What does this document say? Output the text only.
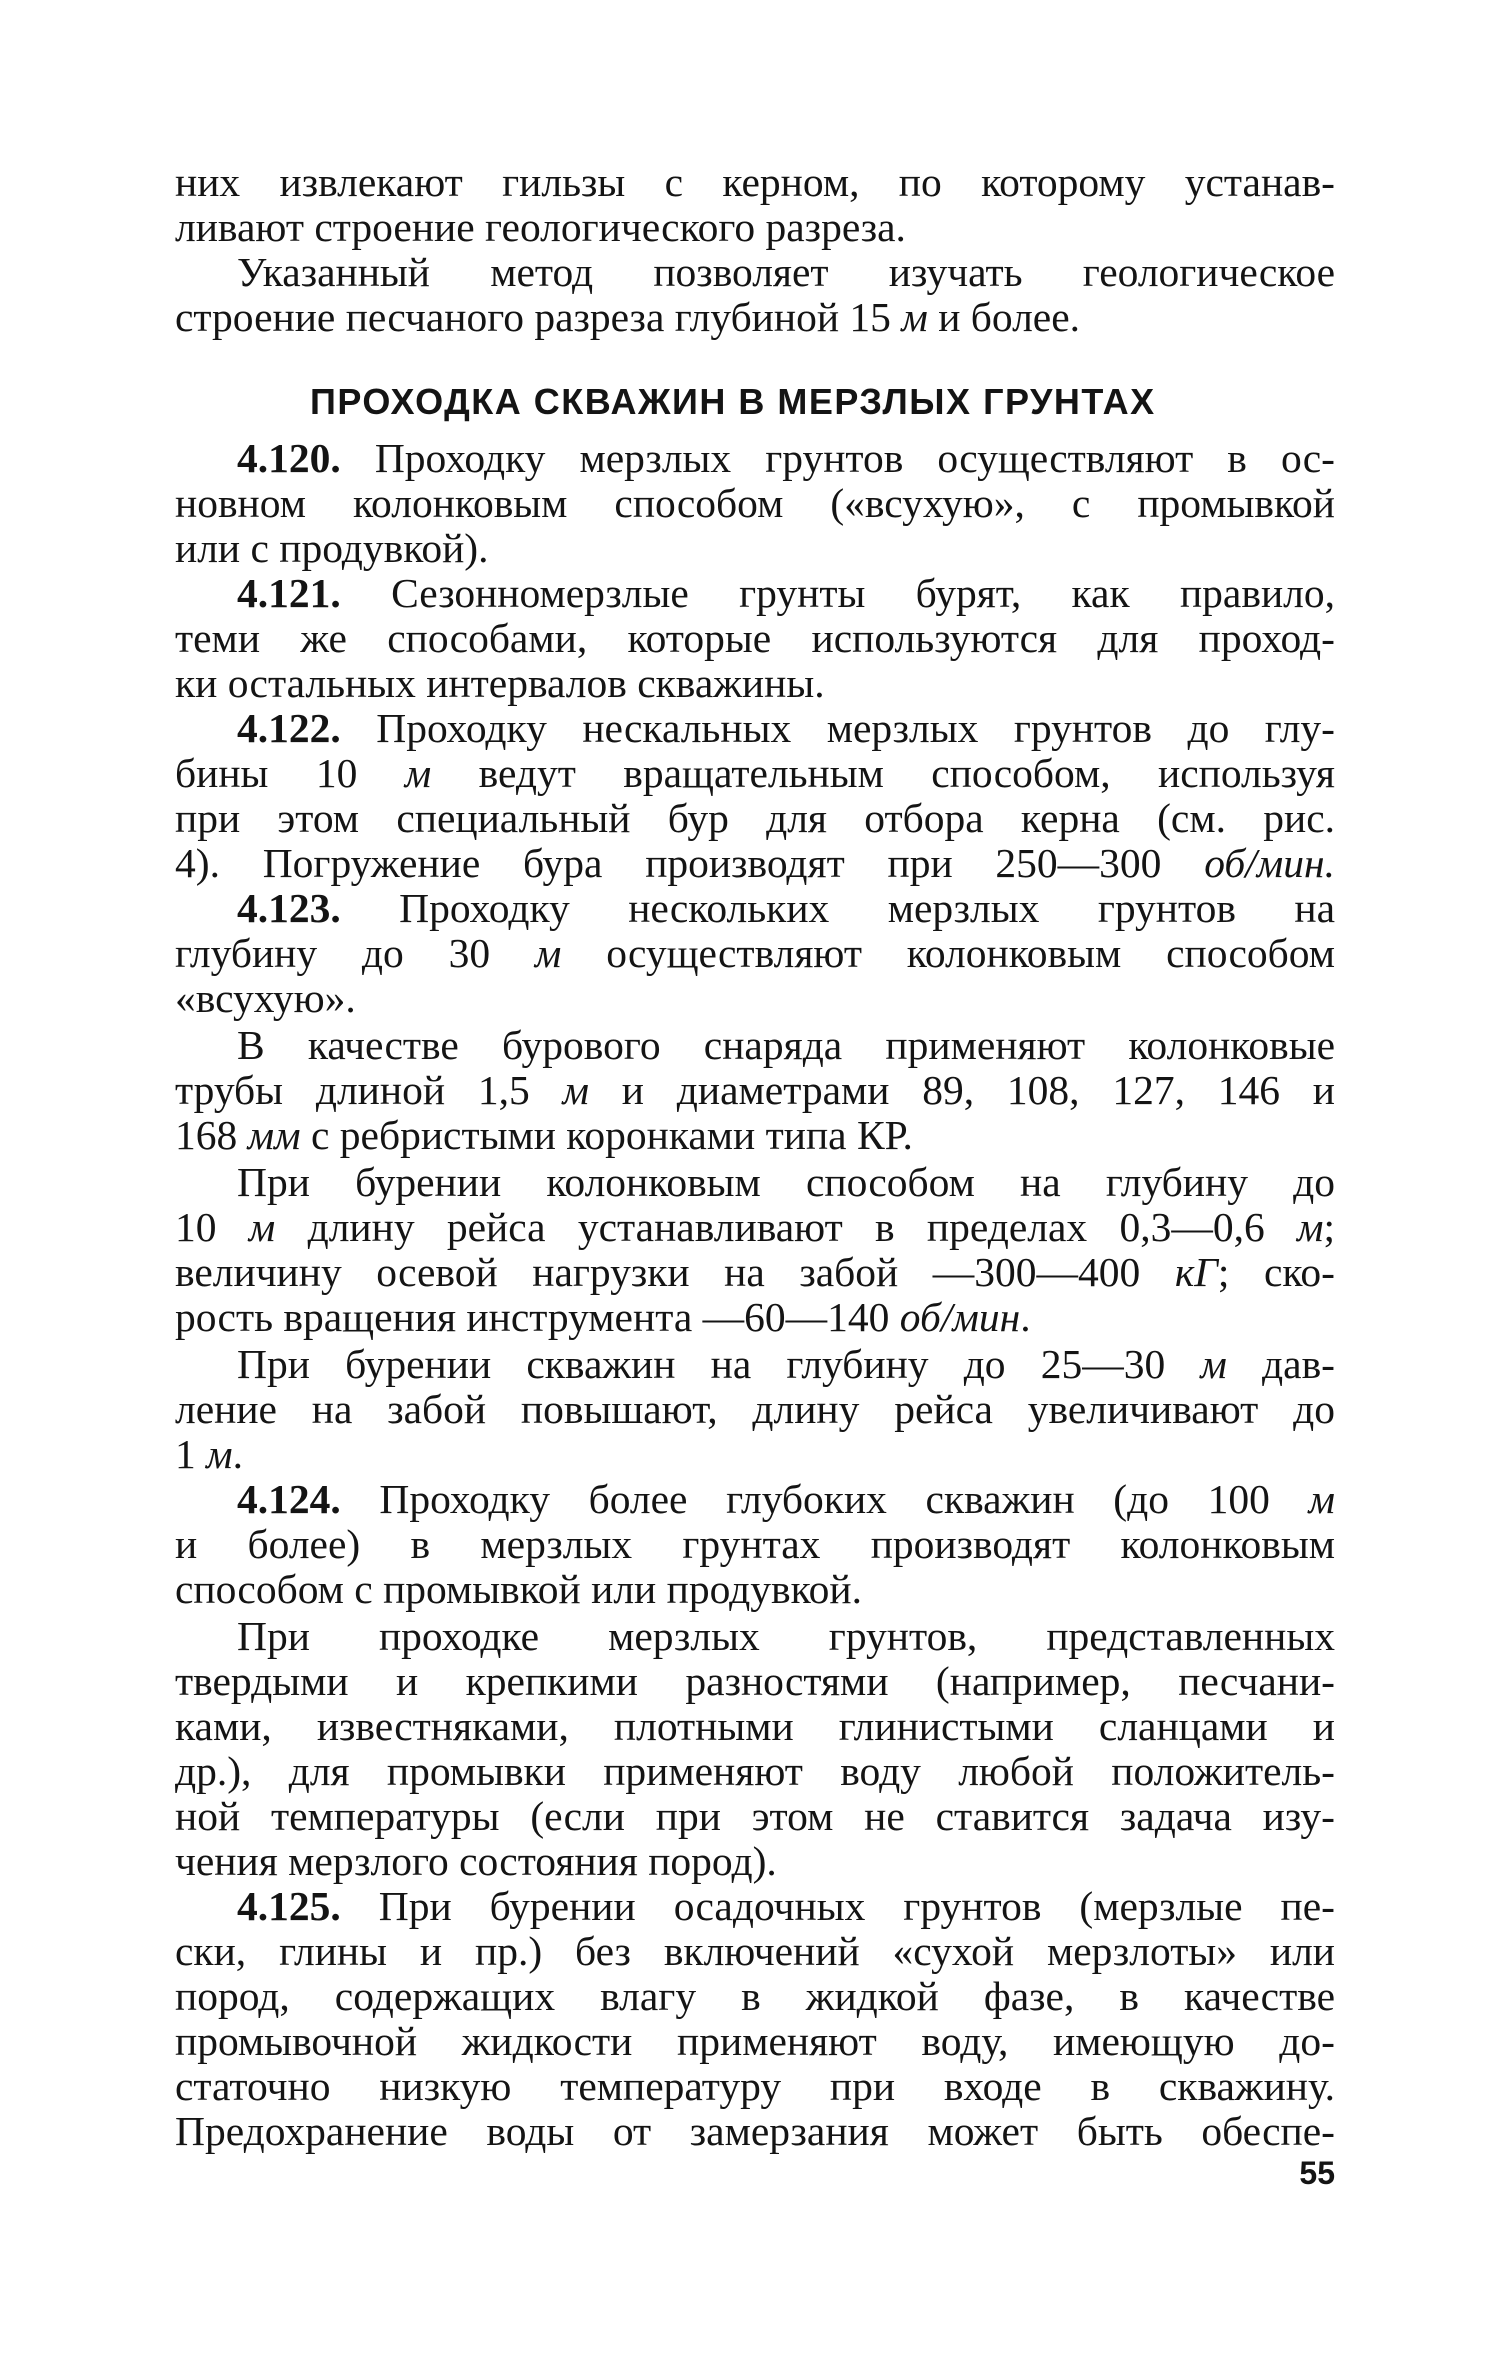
них извлекают гильзы с керном, по которому устанав-
ливают строение геологического разреза.
Указанный метод позволяет изучать геологическое
строение песчаного разреза глубиной 15 м и более.
ПРОХОДКА СКВАЖИН В МЕРЗЛЫХ ГРУНТАХ
4.120. Проходку мерзлых грунтов осуществляют в ос-
новном колонковым способом («всухую», с промывкой
или с продувкой).
4.121. Сезонномерзлые грунты бурят, как правило,
теми же способами, которые используются для проход-
ки остальных интервалов скважины.
4.122. Проходку нескальных мерзлых грунтов до глу-
бины 10 м ведут вращательным способом, используя
при этом специальный бур для отбора керна (см. рис.
4). Погружение бура производят при 250—300 об/мин.
4.123. Проходку нескольких мерзлых грунтов на
глубину до 30 м осуществляют колонковым способом
«всухую».
В качестве бурового снаряда применяют колонковые
трубы длиной 1,5 м и диаметрами 89, 108, 127, 146 и
168 мм с ребристыми коронками типа КР.
При бурении колонковым способом на глубину до
10 м длину рейса устанавливают в пределах 0,3—0,6 м;
величину осевой нагрузки на забой —300—400 кГ; ско-
рость вращения инструмента —60—140 об/мин.
При бурении скважин на глубину до 25—30 м дав-
ление на забой повышают, длину рейса увеличивают до
1 м.
4.124. Проходку более глубоких скважин (до 100 м
и более) в мерзлых грунтах производят колонковым
способом с промывкой или продувкой.
При проходке мерзлых грунтов, представленных
твердыми и крепкими разностями (например, песчани-
ками, известняками, плотными глинистыми сланцами и
др.), для промывки применяют воду любой положитель-
ной температуры (если при этом не ставится задача изу-
чения мерзлого состояния пород).
4.125. При бурении осадочных грунтов (мерзлые пе-
ски, глины и пр.) без включений «сухой мерзлоты» или
пород, содержащих влагу в жидкой фазе, в качестве
промывочной жидкости применяют воду, имеющую до-
статочно низкую температуру при входе в скважину.
Предохранение воды от замерзания может быть обеспе-
55
